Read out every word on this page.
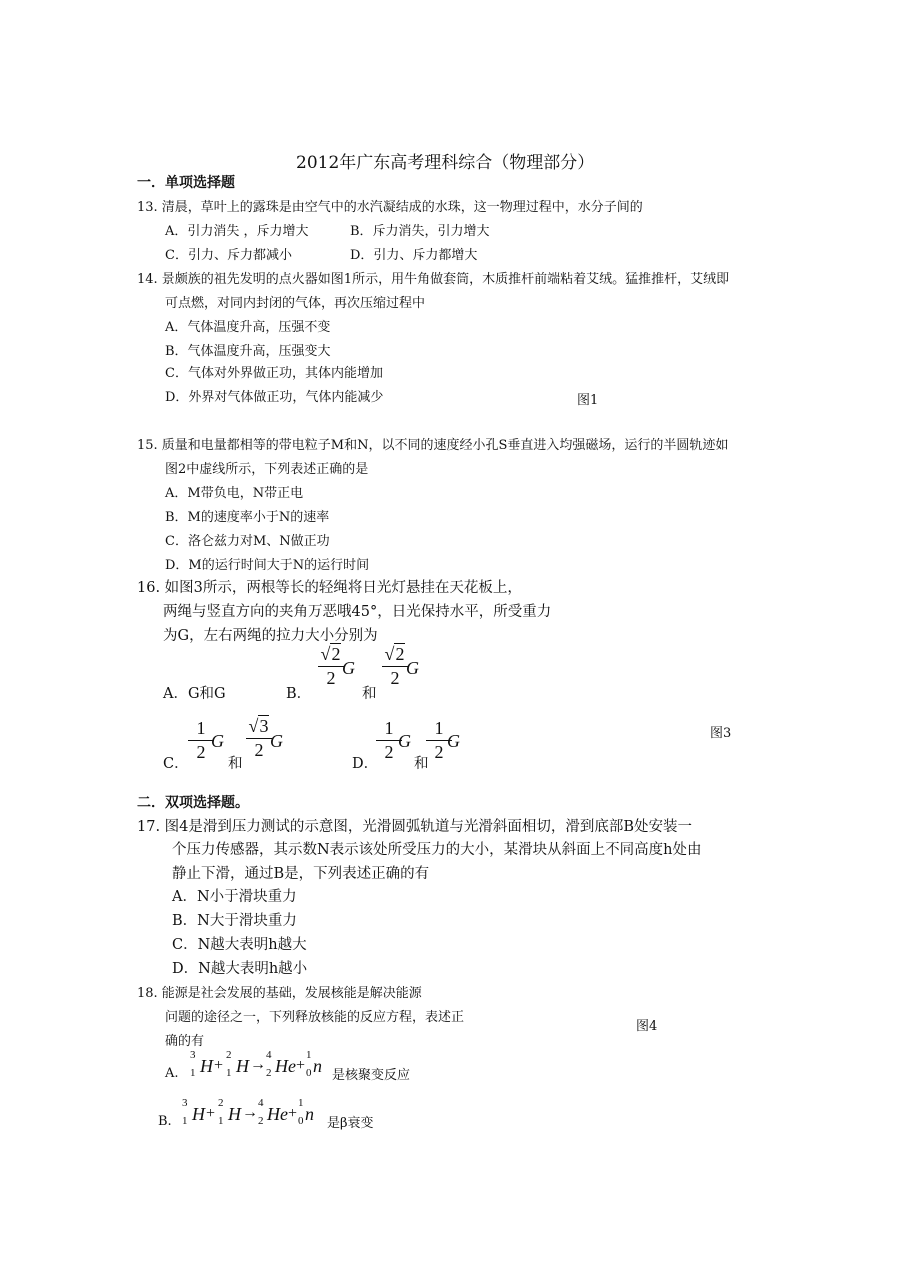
2012年广东高考理科综合（物理部分）
一．单项选择题
13. 清晨，草叶上的露珠是由空气中的水汽凝结成的水珠，这一物理过程中，水分子间的
A．引力消失 ，斥力增大	B．斥力消失，引力增大
C．引力、斥力都减小	D．引力、斥力都增大
14. 景颇族的祖先发明的点火器如图1所示，用牛角做套筒，木质推杆前端粘着艾绒。猛推推杆，艾绒即
可点燃，对同内封闭的气体，再次压缩过程中
A．气体温度升高，压强不变
B．气体温度升高，压强变大
C．气体对外界做正功，其体内能增加
D．外界对气体做正功，气体内能减少	图1
15. 质量和电量都相等的带电粒子M和N，以不同的速度经小孔S垂直进入均强磁场，运行的半圆轨迹如
图2中虚线所示，下列表述正确的是
A．M带负电，N带正电
B．M的速度率小于N的速率
C．洛仑兹力对M、N做正功
D．M的运行时间大于N的运行时间
16. 如图3所示，两根等长的轻绳将日光灯悬挂在天花板上，
两绳与竖直方向的夹角万恶哦45°，日光保持水平，所受重力
为G，左右两绳的拉力大小分别为
A．G和G	B．
√2
2 G
和
√2
2 G
C．
1
2
G
和
√3
2 G
D．
1
2
G
和
1
2
G	图3
二．双项选择题。
17. 图4是滑到压力测试的示意图，光滑圆弧轨道与光滑斜面相切，滑到底部B处安装一
个压力传感器，其示数N表示该处所受压力的大小，某滑块从斜面上不同高度h处由
静止下滑，通过B是，下列表述正确的有
A．N小于滑块重力
B．N大于滑块重力
C．N越大表明h越大
D．N越大表明h越小
18. 能源是社会发展的基础，发展核能是解决能源
问题的途径之一，下列释放核能的反应方程，表述正
确的有
图4
A.
3
1 H +
2
1 H →
4
2 He +
1
0 n 是核聚变反应
B.
3
1 H +
2
1 H →
4
2 He +
1
0 n 是β衰变
